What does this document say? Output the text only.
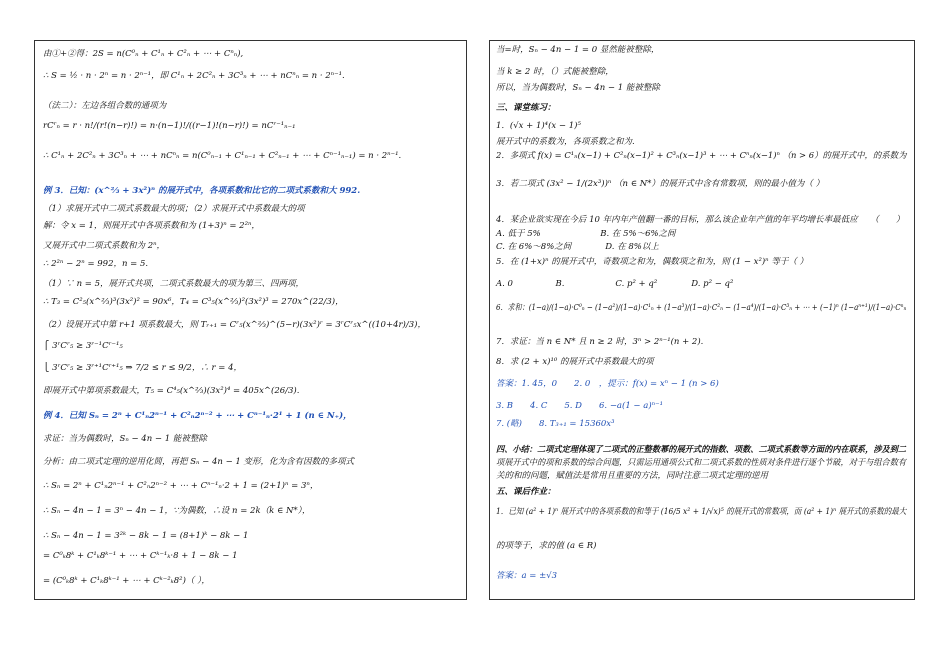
由①+②得：2S = n(C⁰ₙ + C¹ₙ + C²ₙ + ⋯ + Cⁿₙ),
∴ S = ½ · n · 2ⁿ = n · 2ⁿ⁻¹，即 C¹ₙ + 2C²ₙ + 3C³ₙ + ⋯ + nCⁿₙ = n · 2ⁿ⁻¹.
（法二）：左边各组合数的通项为
rCʳₙ = r · n!/(r!(n−r)!) = n·(n−1)!/((r−1)!(n−r)!) = nCʳ⁻¹ₙ₋₁
∴ C¹ₙ + 2C²ₙ + 3C³ₙ + ⋯ + nCⁿₙ = n(C⁰ₙ₋₁ + C¹ₙ₋₁ + C²ₙ₋₁ + ⋯ + Cⁿ⁻¹ₙ₋₁) = n · 2ⁿ⁻¹.
例 3．已知：(x^⅔ + 3x²)ⁿ 的展开式中，各项系数和比它的二项式系数和大 992.
（1）求展开式中二项式系数最大的项；（2）求展开式中系数最大的项
解：令 x = 1，则展开式中各项系数和为 (1+3)ⁿ = 2²ⁿ，
又展开式中二项式系数和为 2ⁿ，
∴ 2²ⁿ − 2ⁿ = 992，n = 5.
（1）∵ n = 5，展开式共项，二项式系数最大的项为第三、四两项，
∴ T₃ = C²₅(x^⅔)³(3x²)² = 90x⁶，T₄ = C³₅(x^⅔)²(3x²)³ = 270x^(22/3)，
（2）设展开式中第 r+1 项系数最大，则 Tᵣ₊₁ = Cʳ₅(x^⅔)^(5−r)(3x²)ʳ = 3ʳCʳ₅x^((10+4r)/3)，
⎧ 3ʳCʳ₅ ≥ 3ʳ⁻¹Cʳ⁻¹₅
⎩ 3ʳCʳ₅ ≥ 3ʳ⁺¹Cʳ⁺¹₅ ⇒ 7/2 ≤ r ≤ 9/2，∴ r = 4，
即展开式中第项系数最大，T₅ = C⁴₅(x^⅔)(3x²)⁴ = 405x^(26/3).
例 4．已知 Sₙ = 2ⁿ + C¹ₙ2ⁿ⁻¹ + C²ₙ2ⁿ⁻² + ⋯ + Cⁿ⁻¹ₙ·2¹ + 1 (n ∈ N₊)，
求证：当为偶数时，Sₙ − 4n − 1 能被整除
分析：由二项式定理的逆用化简，再把 Sₙ − 4n − 1 变形，化为含有因数的多项式
∴ Sₙ = 2ⁿ + C¹ₙ2ⁿ⁻¹ + C²ₙ2ⁿ⁻² + ⋯ + Cⁿ⁻¹ₙ·2 + 1 = (2+1)ⁿ = 3ⁿ，
∴ Sₙ − 4n − 1 = 3ⁿ − 4n − 1，∵为偶数，∴设 n = 2k（k ∈ N*），
∴ Sₙ − 4n − 1 = 3²ᵏ − 8k − 1 = (8+1)ᵏ − 8k − 1
= C⁰ₖ8ᵏ + C¹ₖ8ᵏ⁻¹ + ⋯ + Cᵏ⁻¹ₖ·8 + 1 − 8k − 1
= (C⁰ₖ8ᵏ + C¹ₖ8ᵏ⁻¹ + ⋯ + Cᵏ⁻²ₖ8²)（ ），
当=时，Sₙ − 4n − 1 = 0 显然能被整除，
当 k ≥ 2 时，（）式能被整除，
所以，当为偶数时，Sₙ − 4n − 1 能被整除
三、课堂练习：
1．(√x + 1)⁴(x − 1)⁵
展开式中的系数为，各项系数之和为.
2．多项式 f(x) = C¹ₙ(x−1) + C²ₙ(x−1)² + C³ₙ(x−1)³ + ⋯ + Cⁿₙ(x−1)ⁿ （n > 6）的展开式中，的系数为
3．若二项式 (3x² − 1/(2x³))ⁿ （n ∈ N*）的展开式中含有常数项，则的最小值为（ ）
4．某企业欲实现在今后 10 年内年产值翻一番的目标，那么该企业年产值的年平均增长率最低应　　（　　）
A. 低于 5%　　　　　　　B. 在 5%～6%之间
C. 在 6%～8%之间　　　　D. 在 8%以上
5．在 (1+x)ⁿ 的展开式中，奇数项之和为，偶数项之和为，则 (1 − x²)ⁿ 等于（ ）
A. 0　　　　　B.　　　　　　C. p² + q²　　　　D. p² − q²
6．求和：(1−a)/(1−a)·C⁰ₙ − (1−a²)/(1−a)·C¹ₙ + (1−a³)/(1−a)·C²ₙ − (1−a⁴)/(1−a)·C³ₙ + ⋯ + (−1)ⁿ (1−aⁿ⁺¹)/(1−a)·Cⁿₙ
7．求证：当 n ∈ N* 且 n ≥ 2 时，3ⁿ > 2ⁿ⁻¹(n + 2).
8．求 (2 + x)¹⁰ 的展开式中系数最大的项
答案：1. 45，0　　2. 0　，提示：f(x) = xⁿ − 1 (n > 6)
3. B　　4. C　　5. D　　6. −a(1 − a)ⁿ⁻¹
7. (略)　　8. T₃₊₁ = 15360x³
四、小结：二项式定理体现了二项式的正整数幂的展开式的指数、项数、二项式系数等方面的内在联系，涉及到二
项展开式中的项和系数的综合问题，只需运用通项公式和二项式系数的性质对条件进行逐个节破，对于与组合数有
关的和的问题，赋值法是常用且重要的方法，同时注意二项式定理的逆用
五、课后作业：
1．已知 (a² + 1)ⁿ 展开式中的各项系数的和等于 (16/5 x² + 1/√x)⁵ 的展开式的常数项，而 (a² + 1)ⁿ 展开式的系数的最大
的项等于，求的值 (a ∈ R)
答案：a = ±√3
